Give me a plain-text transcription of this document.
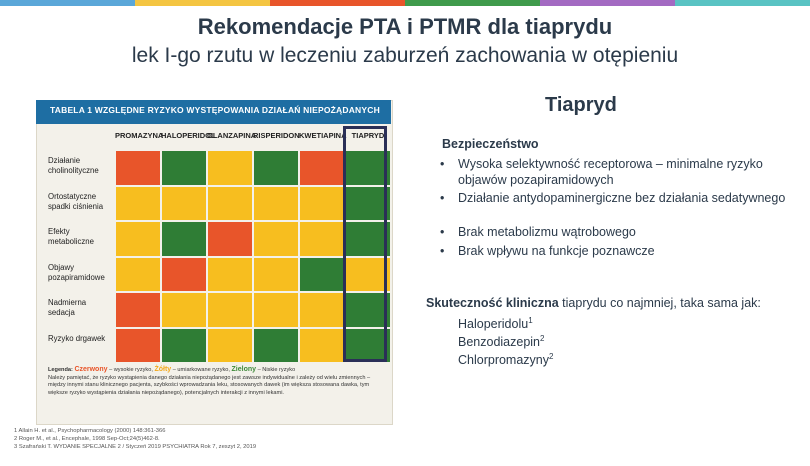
Rekomendacje PTA i PTMR dla tiaprydu
lek I-go rzutu w leczeniu zaburzeń zachowania w otępieniu
TABELA 1 WZGLĘDNE RYZYKO WYSTĘPOWANIA DZIAŁAŃ NIEPOŻĄDANYCH
PROMAZYNA
HALOPERIDOL
OLANZAPINA
RISPERIDON KWETIAPINA TIAPRYD
Działanie cholinolityczne
Ortostatyczne spadki ciśnienia
Efekty metaboliczne
Objawy pozapiramidowe
Nadmierna sedacja
Ryzyko drgawek
Legenda: Czerwony – wysokie ryzyko, Żółty – umiarkowane ryzyko, Zielony – Niskie ryzyko
Należy pamiętać, że ryzyko wystąpienia danego działania niepożądanego jest zawsze indywidualne i zależy od wielu zmiennych – między innymi stanu klinicznego pacjenta, szybkości wprowadzania leku, stosowanych dawek (im większa stosowana dawka, tym większe ryzyko wystąpienia działania niepożądanego), potencjalnych interakcji z innymi lekami.
1 Allain H. et al., Psychopharmacology (2000) 148:361-366
2 Roger M., et al., Encephale, 1998 Sep-Oct;24(5)462-8.
3 Szafrański T. WYDANIE SPECJALNE 2 / Styczeń 2019 PSYCHIATRA Rok 7, zeszyt 2, 2019
Tiapryd
Bezpieczeństwo
• Wysoka selektywność receptorowa – minimalne ryzyko objawów pozapiramidowych
• Działanie antydopaminergiczne bez działania sedatywnego
• Brak metabolizmu wątrobowego
• Brak wpływu na funkcje poznawcze
Skuteczność kliniczna tiaprydu co najmniej, taka sama jak:
Haloperidolu$^1$
Benzodiazepin$^2$
Chlorpromazyny$^2$
